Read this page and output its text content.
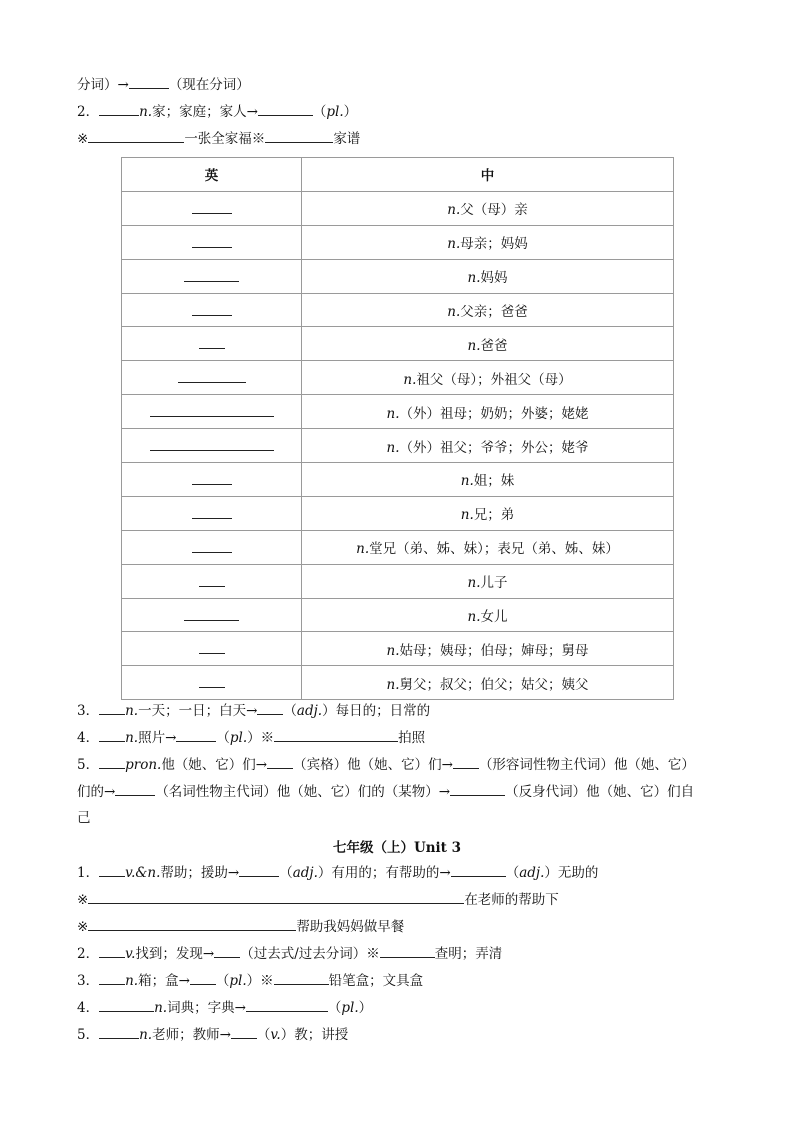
分词）→	（现在分词）
2．	n.家；家庭；家人→	（pl.）
※	一张全家福※	家谱
英	中
	n.父（母）亲
	n.母亲；妈妈
	n.妈妈
	n.父亲；爸爸
	n.爸爸
	n.祖父（母）；外祖父（母）
	n.（外）祖母；奶奶；外婆；姥姥
	n.（外）祖父；爷爷；外公；姥爷
	n.姐；妹
	n.兄；弟
	n.堂兄（弟、姊、妹）；表兄（弟、姊、妹）
	n.儿子
	n.女儿
	n.姑母；姨母；伯母；婶母；舅母
	n.舅父；叔父；伯父；姑父；姨父
3． n.一天；一日；白天→ （adj.）每日的；日常的
4． n.照片→	（pl.）※	拍照
5． pron.他（她、它）们→ （宾格）他（她、它）们→ （形容词性物主代词）他（她、它）
们的→	（名词性物主代词）他（她、它）们的（某物）→	（反身代词）他（她、它）们自
己
七年级（上）Unit 3
1． v.&n.帮助；援助→	（adj.）有用的；有帮助的→	（adj.）无助的
※	在老师的帮助下
※	帮助我妈妈做早餐
2． v.找到；发现→ （过去式/过去分词）※	查明；弄清
3． n.箱；盒→ （pl.）※	铅笔盒；文具盒
4．	n.词典；字典→	（pl.）
5．	n.老师；教师→ （v.）教；讲授
